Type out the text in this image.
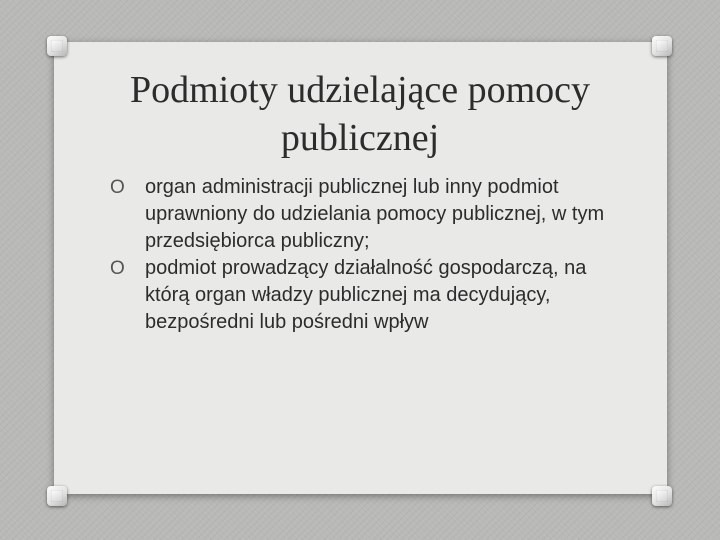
Podmioty udzielające pomocy publicznej
O	organ administracji publicznej lub inny podmiot uprawniony do udzielania pomocy publicznej, w tym przedsiębiorca publiczny;
O	podmiot prowadzący działalność gospodarczą, na którą organ władzy publicznej ma decydujący, bezpośredni lub pośredni wpływ
